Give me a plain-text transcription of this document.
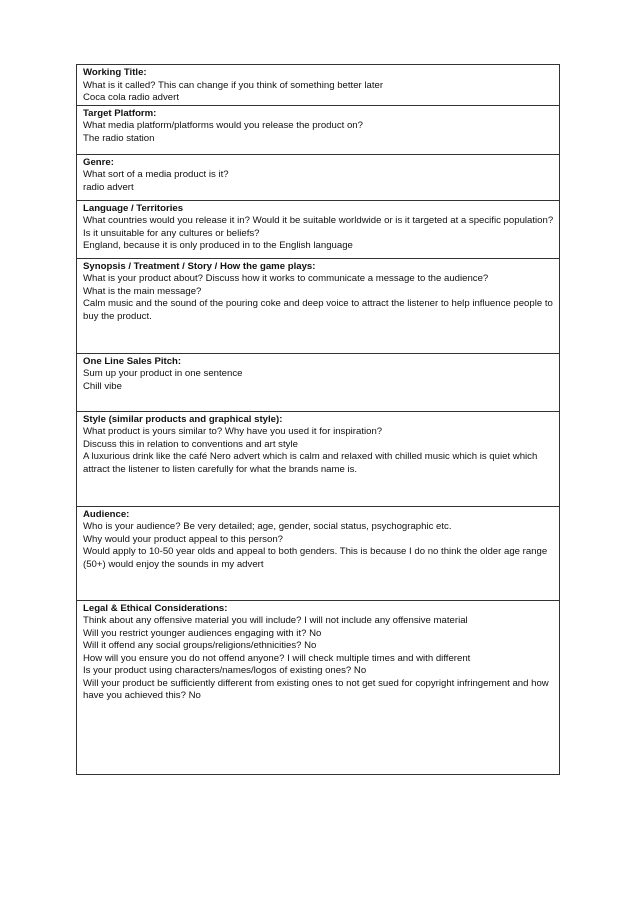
Working Title:
What is it called? This can change if you think of something better later
Coca cola radio advert

Target Platform:
What media platform/platforms would you release the product on?
The radio station

Genre:
What sort of a media product is it?
radio advert

Language / Territories
What countries would you release it in? Would it be suitable worldwide or is it targeted at a specific population? Is it unsuitable for any cultures or beliefs?
England, because it is only produced in to the English language

Synopsis / Treatment / Story / How the game plays:
What is your product about? Discuss how it works to communicate a message to the audience?
What is the main message?
Calm music and the sound of the pouring coke and deep voice to attract the listener to help influence people to buy the product.

One Line Sales Pitch:
Sum up your product in one sentence
Chill vibe

Style (similar products and graphical style):
What product is yours similar to? Why have you used it for inspiration?
Discuss this in relation to conventions and art style
A luxurious drink like the café Nero advert which is calm and relaxed with chilled music which is quiet which attract the listener to listen carefully for what the brands name is.

Audience:
Who is your audience? Be very detailed; age, gender, social status, psychographic etc.
Why would your product appeal to this person?
Would apply to 10-50 year olds and appeal to both genders. This is because I do no think the older age range (50+) would enjoy the sounds in my advert

Legal & Ethical Considerations:
Think about any offensive material you will include? I will not include any offensive material
Will you restrict younger audiences engaging with it? No
Will it offend any social groups/religions/ethnicities? No
How will you ensure you do not offend anyone? I will check multiple times and with different
Is your product using characters/names/logos of existing ones? No
Will your product be sufficiently different from existing ones to not get sued for copyright infringement and how have you achieved this? No
